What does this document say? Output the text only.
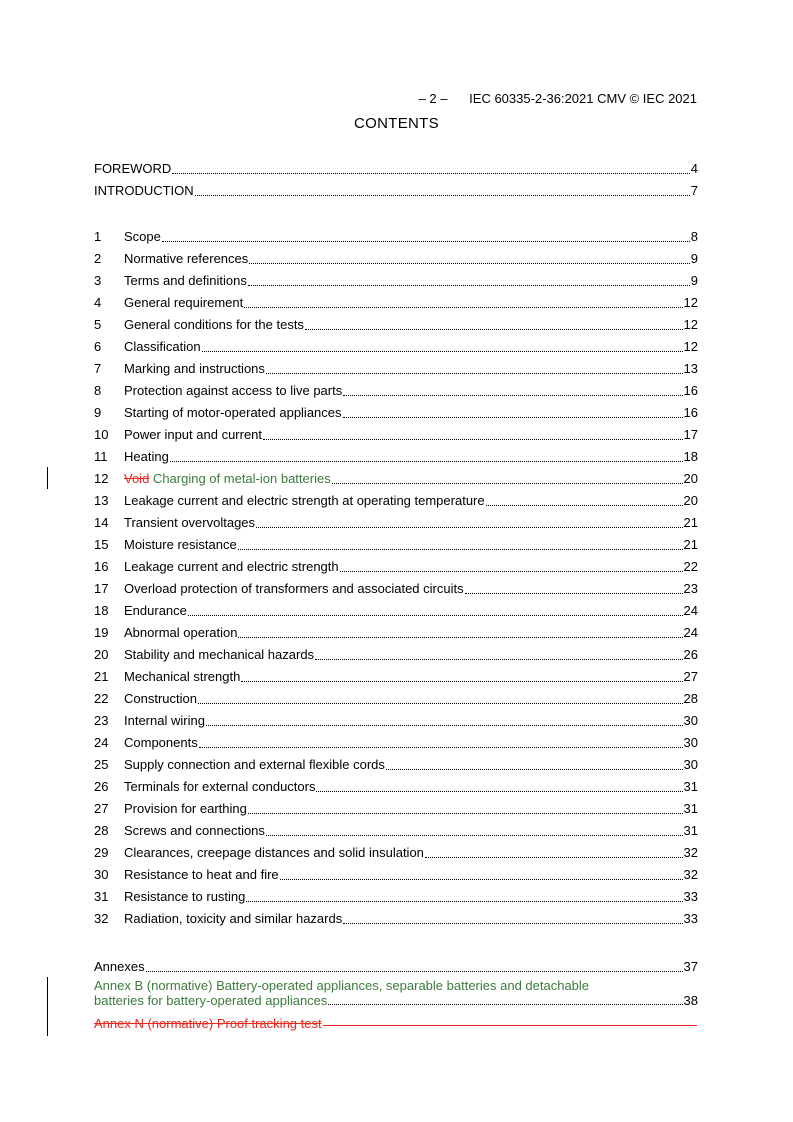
– 2 – IEC 60335-2-36:2021 CMV © IEC 2021

CONTENTS
FOREWORD	4
INTRODUCTION	7
1	Scope	8
2	Normative references	9
3	Terms and definitions	9
4	General requirement	12
5	General conditions for the tests	12
6	Classification	12
7	Marking and instructions	13
8	Protection against access to live parts	16
9	Starting of motor-operated appliances	16
10	Power input and current	17
11	Heating	18
12	Void Charging of metal-ion batteries	20
13	Leakage current and electric strength at operating temperature	20
14	Transient overvoltages	21
15	Moisture resistance	21
16	Leakage current and electric strength	22
17	Overload protection of transformers and associated circuits	23
18	Endurance	24
19	Abnormal operation	24
20	Stability and mechanical hazards	26
21	Mechanical strength	27
22	Construction	28
23	Internal wiring	30
24	Components	30
25	Supply connection and external flexible cords	30
26	Terminals for external conductors	31
27	Provision for earthing	31
28	Screws and connections	31
29	Clearances, creepage distances and solid insulation	32
30	Resistance to heat and fire	32
31	Resistance to rusting	33
32	Radiation, toxicity and similar hazards	33
Annexes	37
Annex B (normative) Battery-operated appliances, separable batteries and detachable
batteries for battery-operated appliances	38
Annex N (normative) Proof tracking test
